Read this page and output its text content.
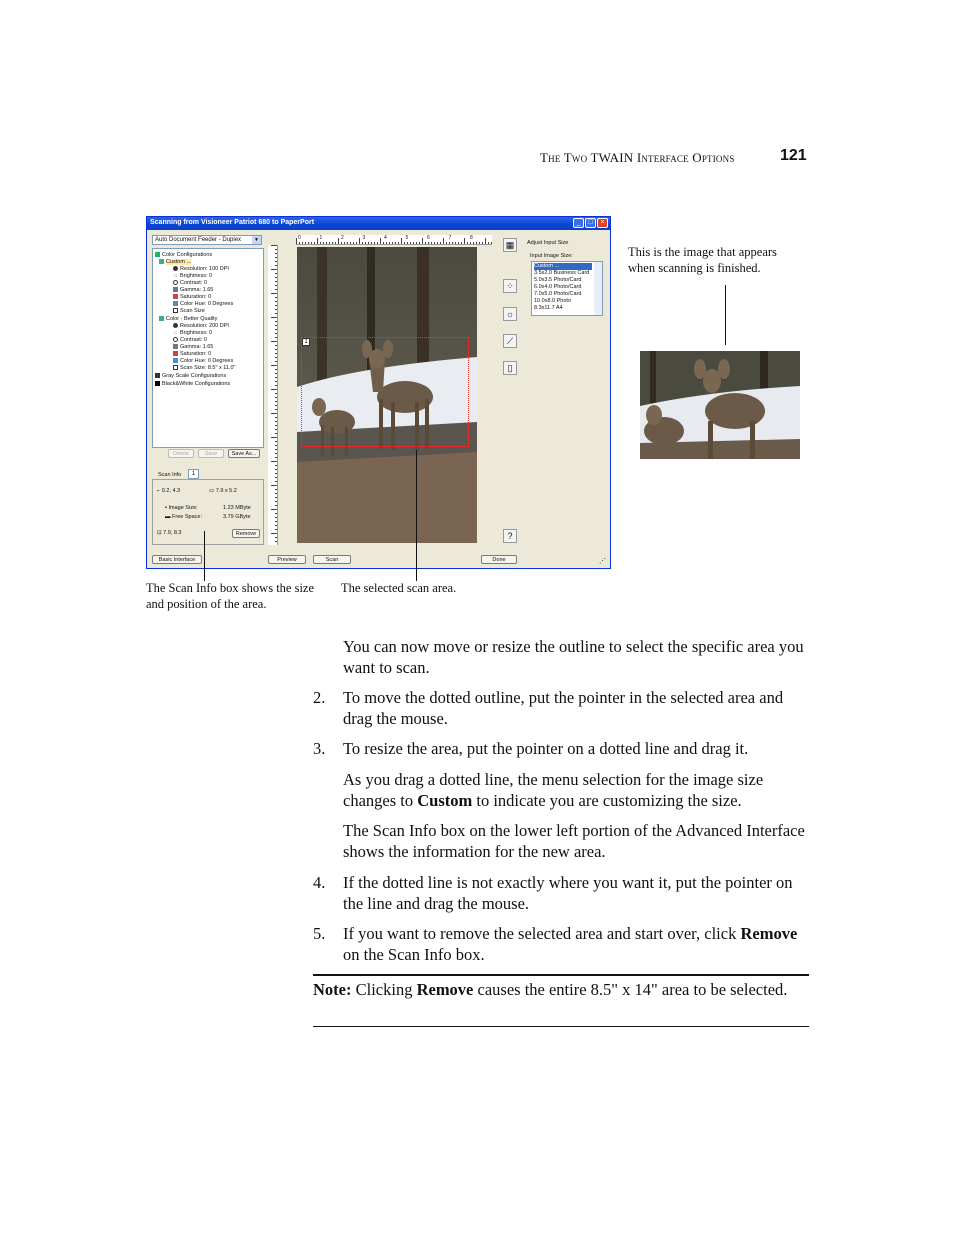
The Two TWAIN Interface Options	121
Scanning from Visioneer Patriot 680 to PaperPort	_	□	×
Auto Document Feeder - Duplex	▼
Color Configurations
Custom ...
Resolution: 100 DPI
☼ Brightness: 0
Contrast: 0
Gamma: 1.65
Saturation: 0
Color Hue: 0 Degrees
Scan Size
Color - Better Quality
Resolution: 200 DPI
☼ Brightness: 0
Contrast: 0
Gamma: 1.65
Saturation: 0
Color Hue: 0 Degrees
Scan Size: 8.5" x 11.0"
Gray Scale Configurations
Black&White Configurations
Delete	Save	Save As...
Scan Info	1
⌐ 0.2, 4.3	▭ 7.9 x 5.2
▪ Image Size:	1.23 MByte
▬ Free Space:	3.79 GByte
⊡ 7.9, 8.3	Remove
0	1	2	3	4	5	6	7	8
1
▦
⁘
☼
⟋
▯
?
Adjust Input Size
Input Image Size:
Custom ...
3.5x2.0 Business Card
5.0x3.5 Photo/Card
6.0x4.0 Photo/Card
7.0x5.0 Photo/Card
10.0x8.0 Photo
8.3x11.7 A4
Basic Interface	Preview	Scan	Done	⋰
This is the image that appears when scanning is finished.
The Scan Info box shows the size and position of the area.
The selected scan area.
You can now move or resize the outline to select the specific area you want to scan.
2. To move the dotted outline, put the pointer in the selected area and drag the mouse.
3. To resize the area, put the pointer on a dotted line and drag it.
As you drag a dotted line, the menu selection for the image size changes to Custom to indicate you are customizing the size.
The Scan Info box on the lower left portion of the Advanced Interface shows the information for the new area.
4. If the dotted line is not exactly where you want it, put the pointer on the line and drag the mouse.
5. If you want to remove the selected area and start over, click Remove on the Scan Info box.
Note: Clicking Remove causes the entire 8.5" x 14" area to be selected.
